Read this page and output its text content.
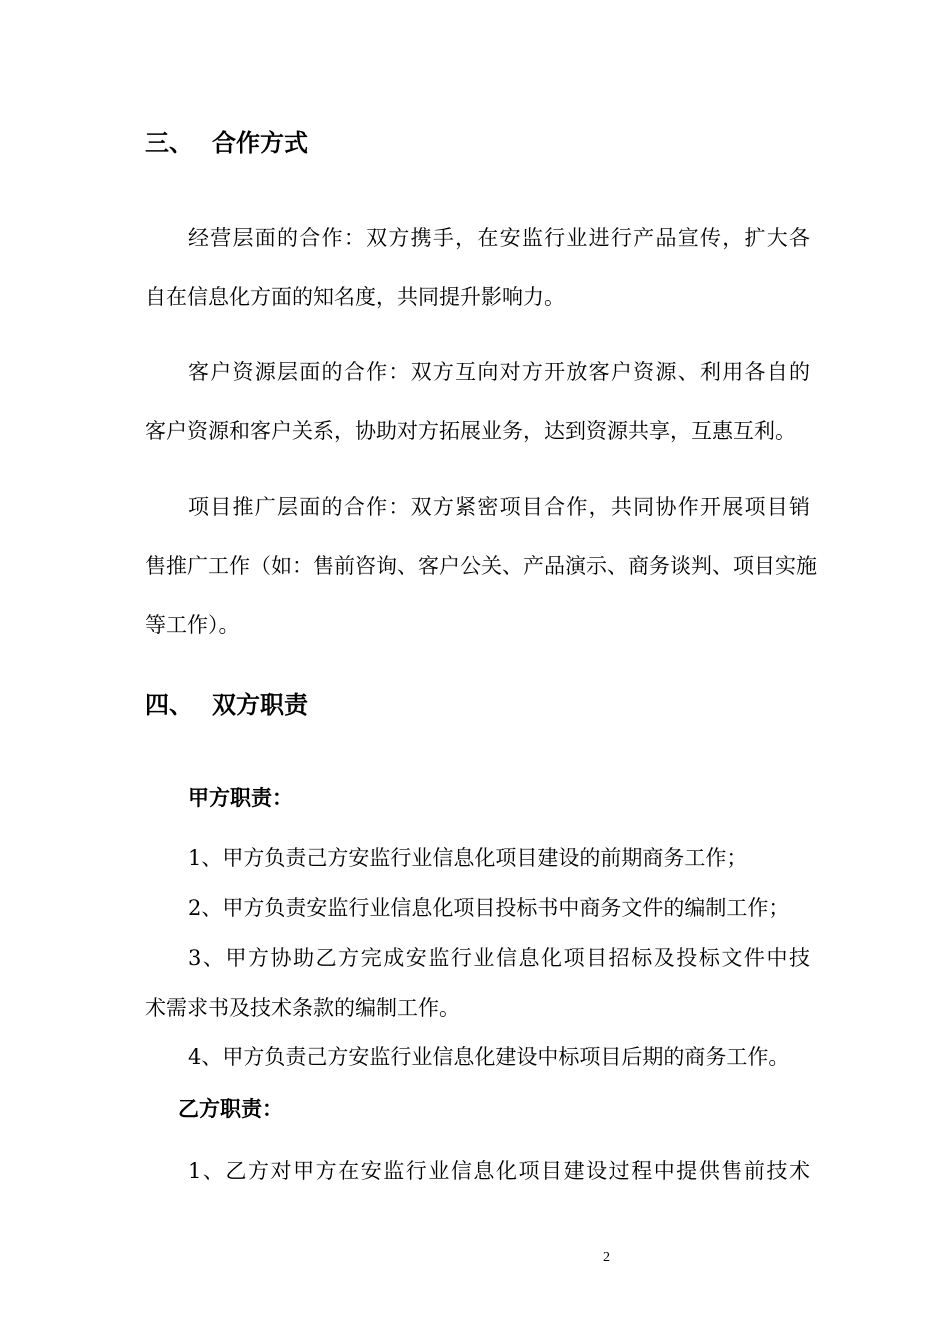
三、 合作方式
经营层面的合作：双方携手，在安监行业进行产品宣传，扩大各
自在信息化方面的知名度，共同提升影响力。
客户资源层面的合作：双方互向对方开放客户资源、利用各自的
客户资源和客户关系，协助对方拓展业务，达到资源共享，互惠互利。
项目推广层面的合作：双方紧密项目合作，共同协作开展项目销
售推广工作（如：售前咨询、客户公关、产品演示、商务谈判、项目实施
等工作）。
四、 双方职责
甲方职责：
1、甲方负责己方安监行业信息化项目建设的前期商务工作；
2、甲方负责安监行业信息化项目投标书中商务文件的编制工作；
3、甲方协助乙方完成安监行业信息化项目招标及投标文件中技
术需求书及技术条款的编制工作。
4、甲方负责己方安监行业信息化建设中标项目后期的商务工作。
乙方职责：
1、乙方对甲方在安监行业信息化项目建设过程中提供售前技术
2
